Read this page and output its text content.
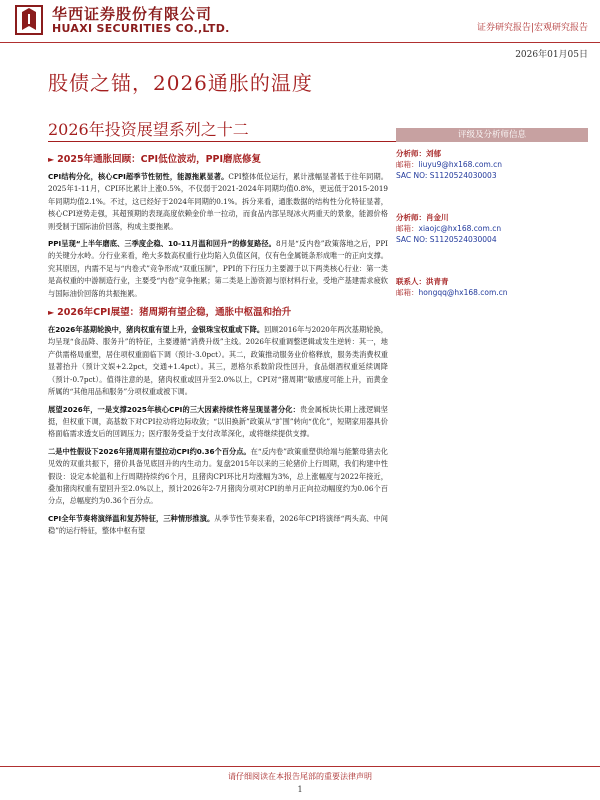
华西证券股份有限公司
HUAXI SECURITIES CO.,LTD.	证券研究报告|宏观研究报告
2026年01月05日
股债之锚，2026通胀的温度
2026年投资展望系列之十二	评级及分析师信息
分析师：刘郁
邮箱：liuyu9@hx168.com.cn
SAC NO: S1120524030003
分析师：肖金川
邮箱：xiaojc@hx168.com.cn
SAC NO: S1120524030004
联系人：洪青青
邮箱：hongqq@hx168.com.cn
► 2025年通胀回顾：CPI低位波动，PPI磨底修复

CPI结构分化，核心CPI超季节性韧性，能源拖累显著。CPI整体低位运行，累计涨幅显著低于往年同期。2025年1-11月，CPI环比累计上涨0.5%，不仅弱于2021-2024年同期均值0.8%，更远低于2015-2019年同期均值2.1%。不过，这已经好于2024年同期的0.1%。拆分来看，通胀数据的结构性分化特征显著，核心CPI逆势走强，其超预期的表现高度依赖金价单一拉动，而食品内部呈现冰火两重天的景象，能源价格则受制于国际油价回落，构成主要拖累。

PPI呈现“上半年磨底、三季度企稳、10-11月温和回升”的修复路径。8月是“反内卷”政策落地之后，PPI的关键分水岭。分行业来看，绝大多数高权重行业均陷入负值区间，仅有色金属链条形成唯一的正向支撑。究其原因，内需不足与“内卷式”竞争形成“双重压制”，PPI的下行压力主要源于以下两类核心行业：第一类是高权重的中游制造行业，主要受“内卷”竞争拖累；第二类是上游资源与原材料行业，受地产基建需求疲软与国际油价回落的共振拖累。

► 2026年CPI展望：猪周期有望企稳，通胀中枢温和抬升

在2026年基期轮换中，猪肉权重有望上升，金银珠宝权重或下降。回顾2016年与2020年两次基期轮换，均呈现“食品降、服务升”的特征，主要遵循“消费升级”主线。2026年权重调整逻辑或发生逆转：其一，地产供需格局重塑，居住项权重面临下调（预计-3.0pct）。其二，政策推动服务业价格释放，服务类消费权重显著抬升（预计文娱+2.2pct，交通+1.4pct）。其三，恩格尔系数阶段性回升，食品烟酒权重延续调降（预计-0.7pct）。值得注意的是，猪肉权重或回升至2.0%以上，CPI对“猪周期”敏感度可能上升，而黄金所属的“其他用品和服务”分项权重或被下调。

展望2026年，一是支撑2025年核心CPI的三大因素持续性将呈现显著分化：贵金属板块长期上涨逻辑坚挺，但权重下调，高基数下对CPI拉动将边际收敛；“以旧换新”政策从“扩围”转向“优化”，短期家用器具价格面临需求透支后的回调压力；医疗服务受益于支付改革深化，或将继续提供支撑。

二是中性假设下2026年猪周期有望拉动CPI约0.36个百分点。在“反内卷”政策重塑供给端与能繁母猪去化见效的双重共振下，猪价具备见底回升的内生动力。复盘2015年以来的三轮猪价上行周期，我们构建中性假设：设定本轮温和上行周期持续约6个月，且猪肉CPI环比月均涨幅为3%，总上涨幅度与2022年接近，叠加猪肉权重有望回升至2.0%以上，预计2026年2-7月猪肉分项对CPI的单月正向拉动幅度约为0.06个百分点，总幅度约为0.36个百分点。

CPI全年节奏将演绎温和复苏特征，三种情形推演。从季节性节奏来看，2026年CPI将演绎“两头高、中间稳”的运行特征，整体中枢有望

请仔细阅读在本报告尾部的重要法律声明
1
